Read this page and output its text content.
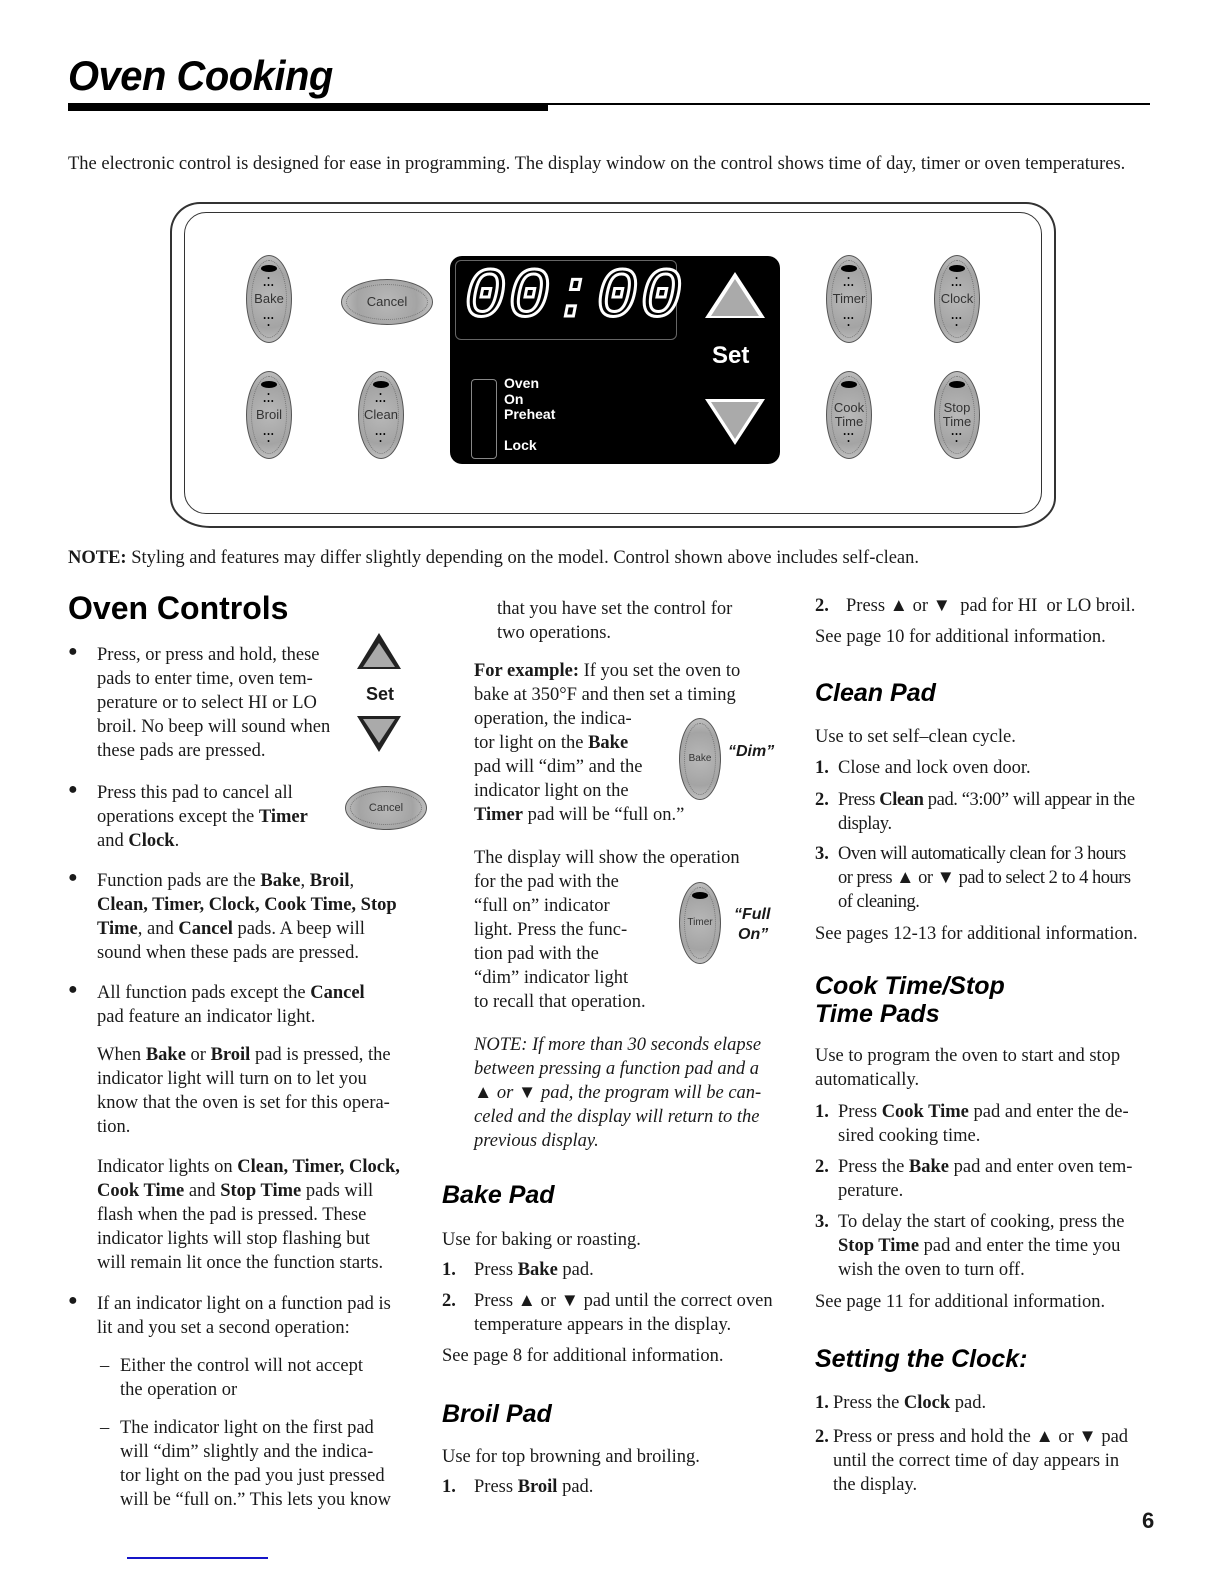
Oven Cooking
The electronic control is designed for ease in programming. The display window on the control shows time of day, timer or oven temperatures.
•
•••
Bake
•••
•
Cancel
•
•••
Broil
•••
•
•
•••
Clean
•••
•
00:00
Set
Oven On
Preheat
Lock
•
•••
Timer
•••
•
•
•••
Clock
•••
•
Cook Time
•••
•
Stop Time
•••
•
NOTE: Styling and features may differ slightly depending on the model. Control shown above includes self-clean.
Oven Controls
● Press, or press and hold, these
pads to enter time, oven tem-
perature or to select HI or LO
broil. No beep will sound when
these pads are pressed.
Set
● Press this pad to cancel all
operations except the Timer
and Clock.
Cancel
● Function pads are the Bake, Broil,
Clean, Timer, Clock, Cook Time, Stop
Time, and Cancel pads. A beep will
sound when these pads are pressed.
● All function pads except the Cancel
pad feature an indicator light.
When Bake or Broil pad is pressed, the
indicator light will turn on to let you
know that the oven is set for this opera-
tion.
Indicator lights on Clean, Timer, Clock,
Cook Time and Stop Time pads will
flash when the pad is pressed. These
indicator lights will stop flashing but
will remain lit once the function starts.
● If an indicator light on a function pad is
lit and you set a second operation:
– Either the control will not accept
the operation or
– The indicator light on the first pad
will “dim” slightly and the indica-
tor light on the pad you just pressed
will be “full on.” This lets you know
that you have set the control for
two operations.
For example: If you set the oven to
bake at 350°F and then set a timing
operation, the indica-
tor light on the Bake
pad will “dim” and the
indicator light on the
Timer pad will be “full on.”
Bake “Dim”
The display will show the operation
for the pad with the
“full on” indicator
light. Press the func-
tion pad with the
“dim” indicator light
to recall that operation.
Timer “Full
On”
NOTE: If more than 30 seconds elapse
between pressing a function pad and a
▲ or ▼ pad, the program will be can-
celed and the display will return to the
previous display.
Bake Pad
Use for baking or roasting.
1. Press Bake pad.
2. Press ▲ or ▼ pad until the correct oven
temperature appears in the display.
See page 8 for additional information.
Broil Pad
Use for top browning and broiling.
1. Press Broil pad.
2. Press ▲ or ▼  pad for HI  or LO broil.
See page 10 for additional information.
Clean Pad
Use to set self–clean cycle.
1. Close and lock oven door.
2. Press Clean pad. “3:00” will appear in the
display.
3. Oven will automatically clean for 3 hours
or press ▲ or ▼ pad to select 2 to 4 hours
of cleaning.
See pages 12-13 for additional information.
Cook Time/Stop
Time Pads
Use to program the oven to start and stop
automatically.
1. Press Cook Time pad and enter the de-
sired cooking time.
2. Press the Bake pad and enter oven tem-
perature.
3. To delay the start of cooking, press the
Stop Time pad and enter the time you
wish the oven to turn off.
See page 11 for additional information.
Setting the Clock:
1. Press the Clock pad.
2. Press or press and hold the ▲ or ▼ pad
until the correct time of day appears in
the display.
6
